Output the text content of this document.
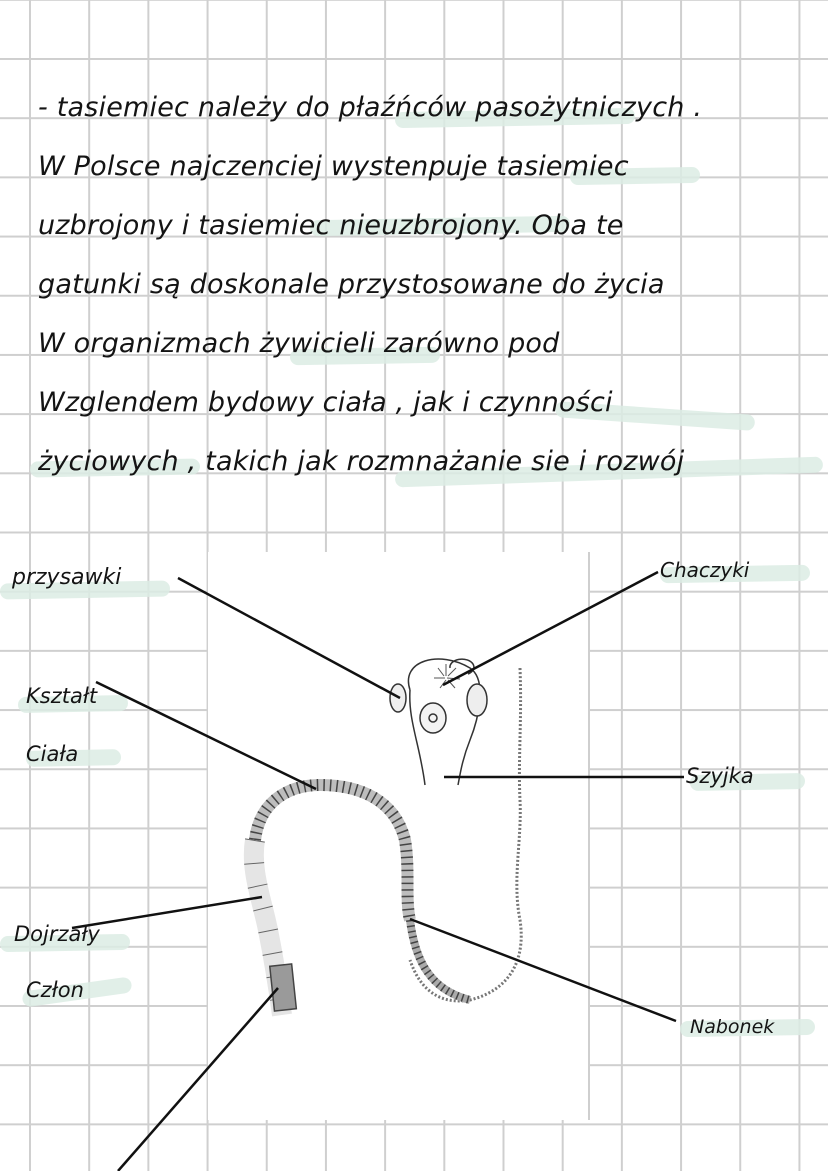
- tasiemiec należy do płaźńców pasożytniczych .
W Polsce najczenciej wystenpuje tasiemiec
uzbrojony i tasiemiec nieuzbrojony. Oba te
gatunki są doskonale przystosowane do życia
W organizmach żywicieli zarówno pod
Wzglendem bydowy ciała , jak i czynności
życiowych , takich jak rozmnażanie sie i rozwój
przysawki	Chaczyki
Kształt
Ciała
Szyjka
Dojrzały
Człon
Nabonek
